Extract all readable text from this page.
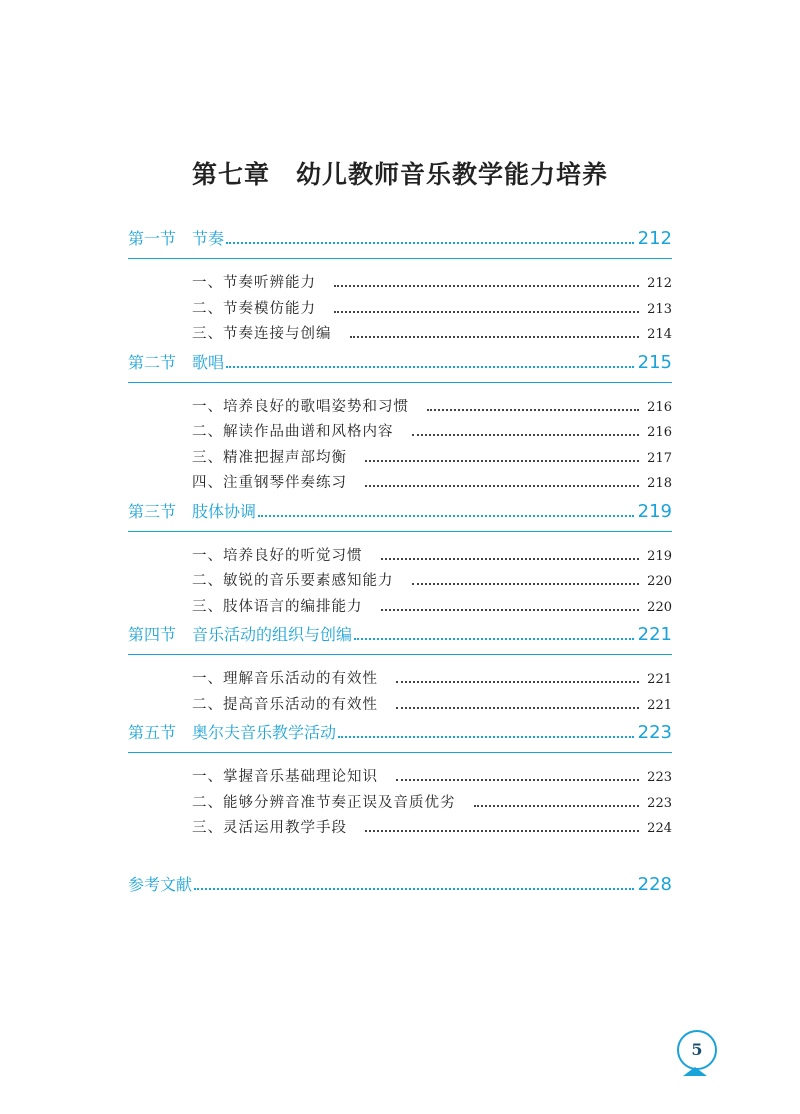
第七章　幼儿教师音乐教学能力培养
第一节 节奏	212
一、节奏听辨能力	212
二、节奏模仿能力	213
三、节奏连接与创编	214
第二节 歌唱	215
一、培养良好的歌唱姿势和习惯	216
二、解读作品曲谱和风格内容	216
三、精准把握声部均衡	217
四、注重钢琴伴奏练习	218
第三节 肢体协调	219
一、培养良好的听觉习惯	219
二、敏锐的音乐要素感知能力	220
三、肢体语言的编排能力	220
第四节 音乐活动的组织与创编	221
一、理解音乐活动的有效性	221
二、提高音乐活动的有效性	221
第五节 奥尔夫音乐教学活动	223
一、掌握音乐基础理论知识	223
二、能够分辨音准节奏正误及音质优劣	223
三、灵活运用教学手段	224
参考文献	228
5
